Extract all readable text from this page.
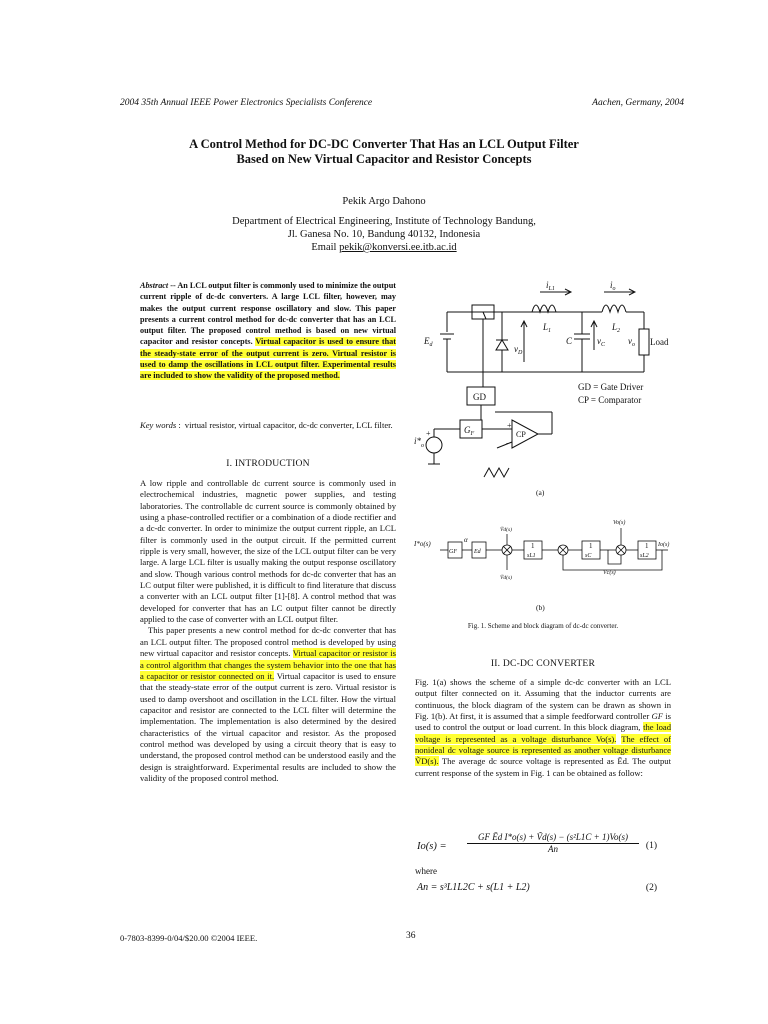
2004 35th Annual IEEE Power Electronics Specialists Conference	Aachen, Germany, 2004
A Control Method for DC-DC Converter That Has an LCL Output Filter
Based on New Virtual Capacitor and Resistor Concepts
Pekik Argo Dahono
Department of Electrical Engineering, Institute of Technology Bandung,
Jl. Ganesa No. 10, Bandung 40132, Indonesia
Email pekik@konversi.ee.itb.ac.id
Abstract -- An LCL output filter is commonly used to minimize the output current ripple of dc-dc converters. A large LCL filter, however, may makes the output current response oscillatory and slow. This paper presents a current control method for dc-dc converter that has an LCL output filter. The proposed control method is based on new virtual capacitor and resistor concepts. Virtual capacitor is used to ensure that the steady-state error of the output current is zero. Virtual resistor is used to damp the oscillations in LCL output filter. Experimental results are included to show the validity of the proposed method.
Key words : virtual resistor, virtual capacitor, dc-dc converter, LCL filter.
I. INTRODUCTION

A low ripple and controllable dc current source is commonly used in electrochemical industries, magnetic power supplies, and testing laboratories. The controllable dc current source is commonly obtained by using a phase-controlled rectifier or a combination of a diode rectifier and a dc-dc converter. In order to minimize the output current ripple, an LCL filter is commonly used in the output circuit. If the permitted current ripple is very small, however, the size of the LCL output filter can be very large. A large LCL filter is usually making the output response oscillatory and slow. Though various control methods for dc-dc converter that has an LC output filter were published, it is difficult to find literature that discuss a converter with an LCL output filter [1]-[8]. A control method that was developed for converter that has an LC output filter cannot be directly applied to the case of converter with an LCL output filter.

This paper presents a new control method for dc-dc converter that has an LCL output filter. The proposed control method is developed by using new virtual capacitor and resistor concepts. Virtual capacitor or resistor is a control algorithm that changes the system behavior into the one that has a capacitor or resistor connected on it. Virtual capacitor is used to ensure that the steady-state error of the output current is zero. Virtual resistor is used to damp overshoot and oscillation in the LCL filter. How the virtual capacitor and resistor are connected to the LCL filter will determine the implementation. The implementation is also determined by the desired characteristics of the virtual capacitor and resistor. As the proposed control method was developed by using a circuit theory that is easy to understand, the proposed control method can be understood easily and the design is straightforward. Experimental results are included to show the validity of the proposed control method.

$E_d$	$v_D$
$i_{L1}$
$L_1$
C	$v_C$
$L_2$
$i_o$
$v_o$ Load
GD
$G_F$	CP
$i*_o$
+
+
−
GD = Gate Driver
CP = Comparator
(a)
I*o(s)
GF
α
Ed
Ṽd(s)
Ṽd(s)
1
sL1
1
sC
1
sL2
Vc(s)
Vo(s)
Io(s)
(b)
Fig. 1. Scheme and block diagram of dc-dc converter.
II. DC-DC CONVERTER

Fig. 1(a) shows the scheme of a simple dc-dc converter with an LCL output filter connected on it. Assuming that the inductor currents are continuous, the block diagram of the system can be drawn as shown in Fig. 1(b). At first, it is assumed that a simple feedforward controller GF is used to control the output or load current. In this block diagram, the load voltage is represented as a voltage disturbance Vo(s). The effect of nonideal dc voltage source is represented as another voltage disturbance ṼD(s). The average dc source voltage is represented as Ēd. The output current response of the system in Fig. 1 can be obtained as follow:

$Io(s) = \frac{\text{GF Ēd I*o(s) + Ṽd(s) − (s²L1C + 1)Vo(s)}}{An} (1)$
where
An = s³L1L2C + s(L1 + L2)	(2)
0-7803-8399-0/04/$20.00 ©2004 IEEE.	36
